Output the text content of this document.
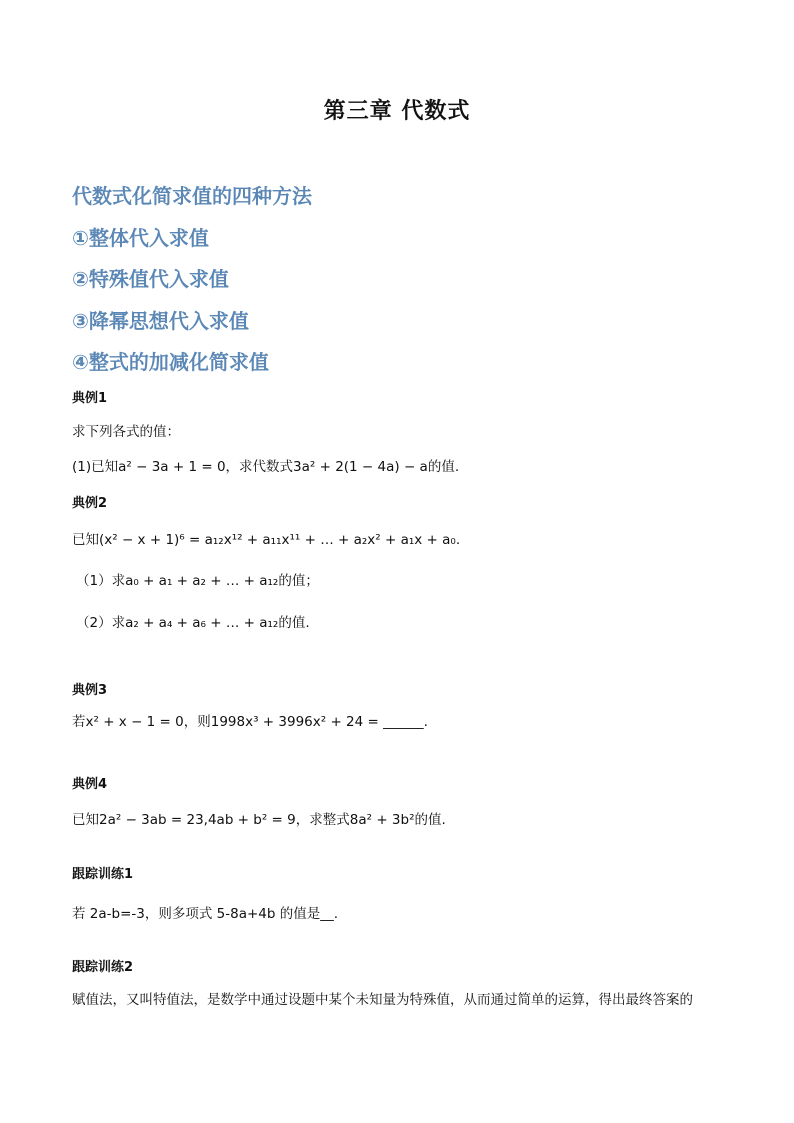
第三章 代数式
代数式化简求值的四种方法
①整体代入求值
②特殊值代入求值
③降幂思想代入求值
④整式的加减化简求值
典例1
求下列各式的值：
(1)已知a² − 3a + 1 = 0，求代数式3a² + 2(1 − 4a) − a的值.
典例2
已知(x² − x + 1)⁶ = a₁₂x¹² + a₁₁x¹¹ + … + a₂x² + a₁x + a₀.
（1）求a₀ + a₁ + a₂ + … + a₁₂的值；
（2）求a₂ + a₄ + a₆ + … + a₁₂的值.
典例3
若x² + x − 1 = 0，则1998x³ + 3996x² + 24 = ______.
典例4
已知2a² − 3ab = 23,4ab + b² = 9，求整式8a² + 3b²的值.
跟踪训练1
若 2a-b=-3，则多项式 5-8a+4b 的值是__.
跟踪训练2
赋值法，又叫特值法，是数学中通过设题中某个未知量为特殊值，从而通过简单的运算，得出最终答案的
